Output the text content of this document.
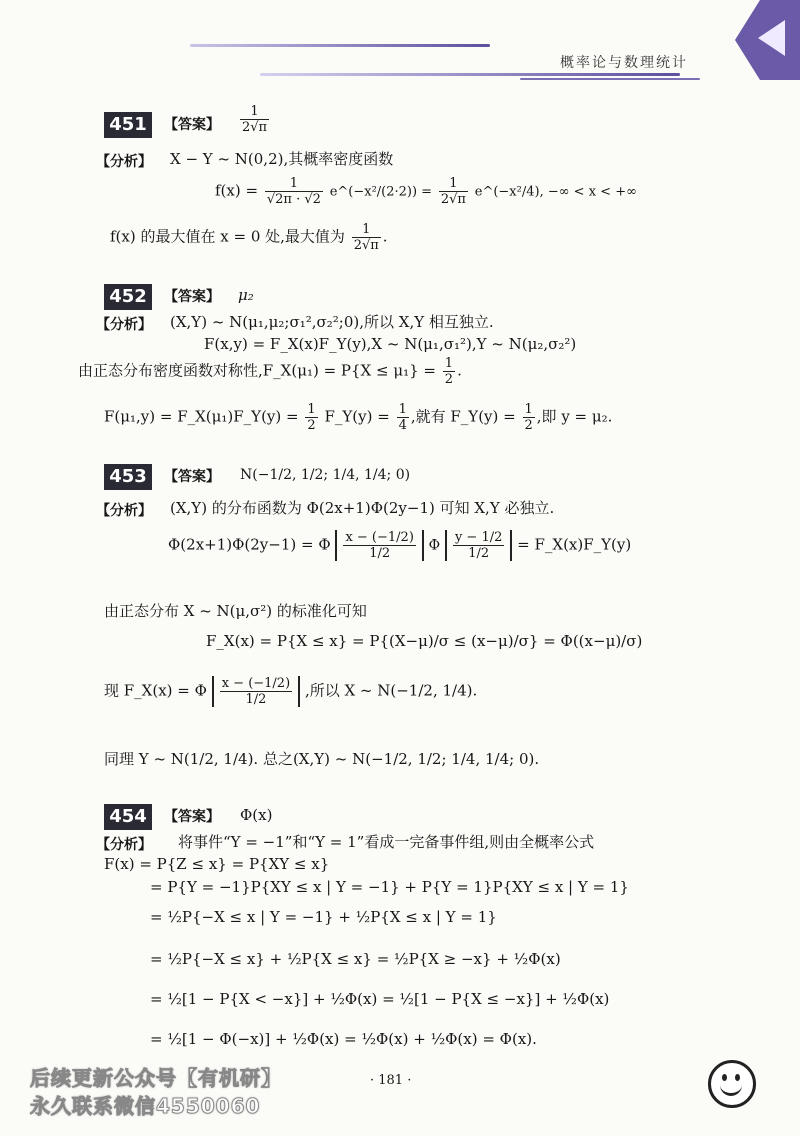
概率论与数理统计
451	【答案】 $\frac{1}{2√\pi}$
【分析】 X − Y ~ N(0,2),其概率密度函数
$f(x) = \frac{1}{√2\pi \cdot √2}$ e^(−x²/(2·2)) = $\frac{1}{2√\pi}$ e^(−x²/4), −∞ < x < +∞
f(x) 的最大值在 x = 0 处,最大值为 $\frac{1}{2√\pi}$ .
452	【答案】 μ₂
【分析】 (X,Y) ~ N(μ₁,μ₂;σ₁²,σ₂²;0),所以 X,Y 相互独立.
F(x,y) = F_X(x)F_Y(y),X ~ N(μ₁,σ₁²),Y ~ N(μ₂,σ₂²)
由正态分布密度函数对称性,F_X(μ₁) = $P\{X \le \mu_1\} = \frac{1}{2}$ .
F(μ₁,y) = F_X(μ₁)F_Y(y) = $\frac{1}{2}$ F_Y(y) = $\frac{1}{4}$ ,就有 F_Y(y) = $\frac{1}{2}$ ,即 y = μ₂.
453	【答案】 N(−1/2, 1/2; 1/4, 1/4; 0)
【分析】 (X,Y) 的分布函数为 Φ(2x+1)Φ(2y−1) 可知 X,Y 必独立.
Φ(2x+1)Φ(2y−1) = Φ $\frac{x - (-1/2)}{1/2}$ Φ $\frac{y - 1/2}{1/2}$ = F_X(x)F_Y(y)
由正态分布 X ~ N(μ,σ²) 的标准化可知
F_X(x) = P{X ≤ x} = P{(X−μ)/σ ≤ (x−μ)/σ} = Φ((x−μ)/σ)
现 F_X(x) = Φ $\frac{x - (-1/2)}{1/2}$ ,所以 X ~ N(−1/2, 1/4).
同理 Y ~ N(1/2, 1/4). 总之(X,Y) ~ N(−1/2, 1/2; 1/4, 1/4; 0).
454	【答案】 Φ(x)
【分析】 将事件“Y = −1”和“Y = 1”看成一完备事件组,则由全概率公式
F(x) = P{Z ≤ x} = P{XY ≤ x}
= P{Y = −1}P{XY ≤ x | Y = −1} + P{Y = 1}P{XY ≤ x | Y = 1}
= ½P{−X ≤ x | Y = −1} + ½P{X ≤ x | Y = 1}
= ½P{−X ≤ x} + ½P{X ≤ x} = ½P{X ≥ −x} + ½Φ(x)
= ½[1 − P{X < −x}] + ½Φ(x) = ½[1 − P{X ≤ −x}] + ½Φ(x)
= ½[1 − Φ(−x)] + ½Φ(x) = ½Φ(x) + ½Φ(x) = Φ(x).
· 181 ·
后续更新公众号【有机研】
永久联系微信4550060
